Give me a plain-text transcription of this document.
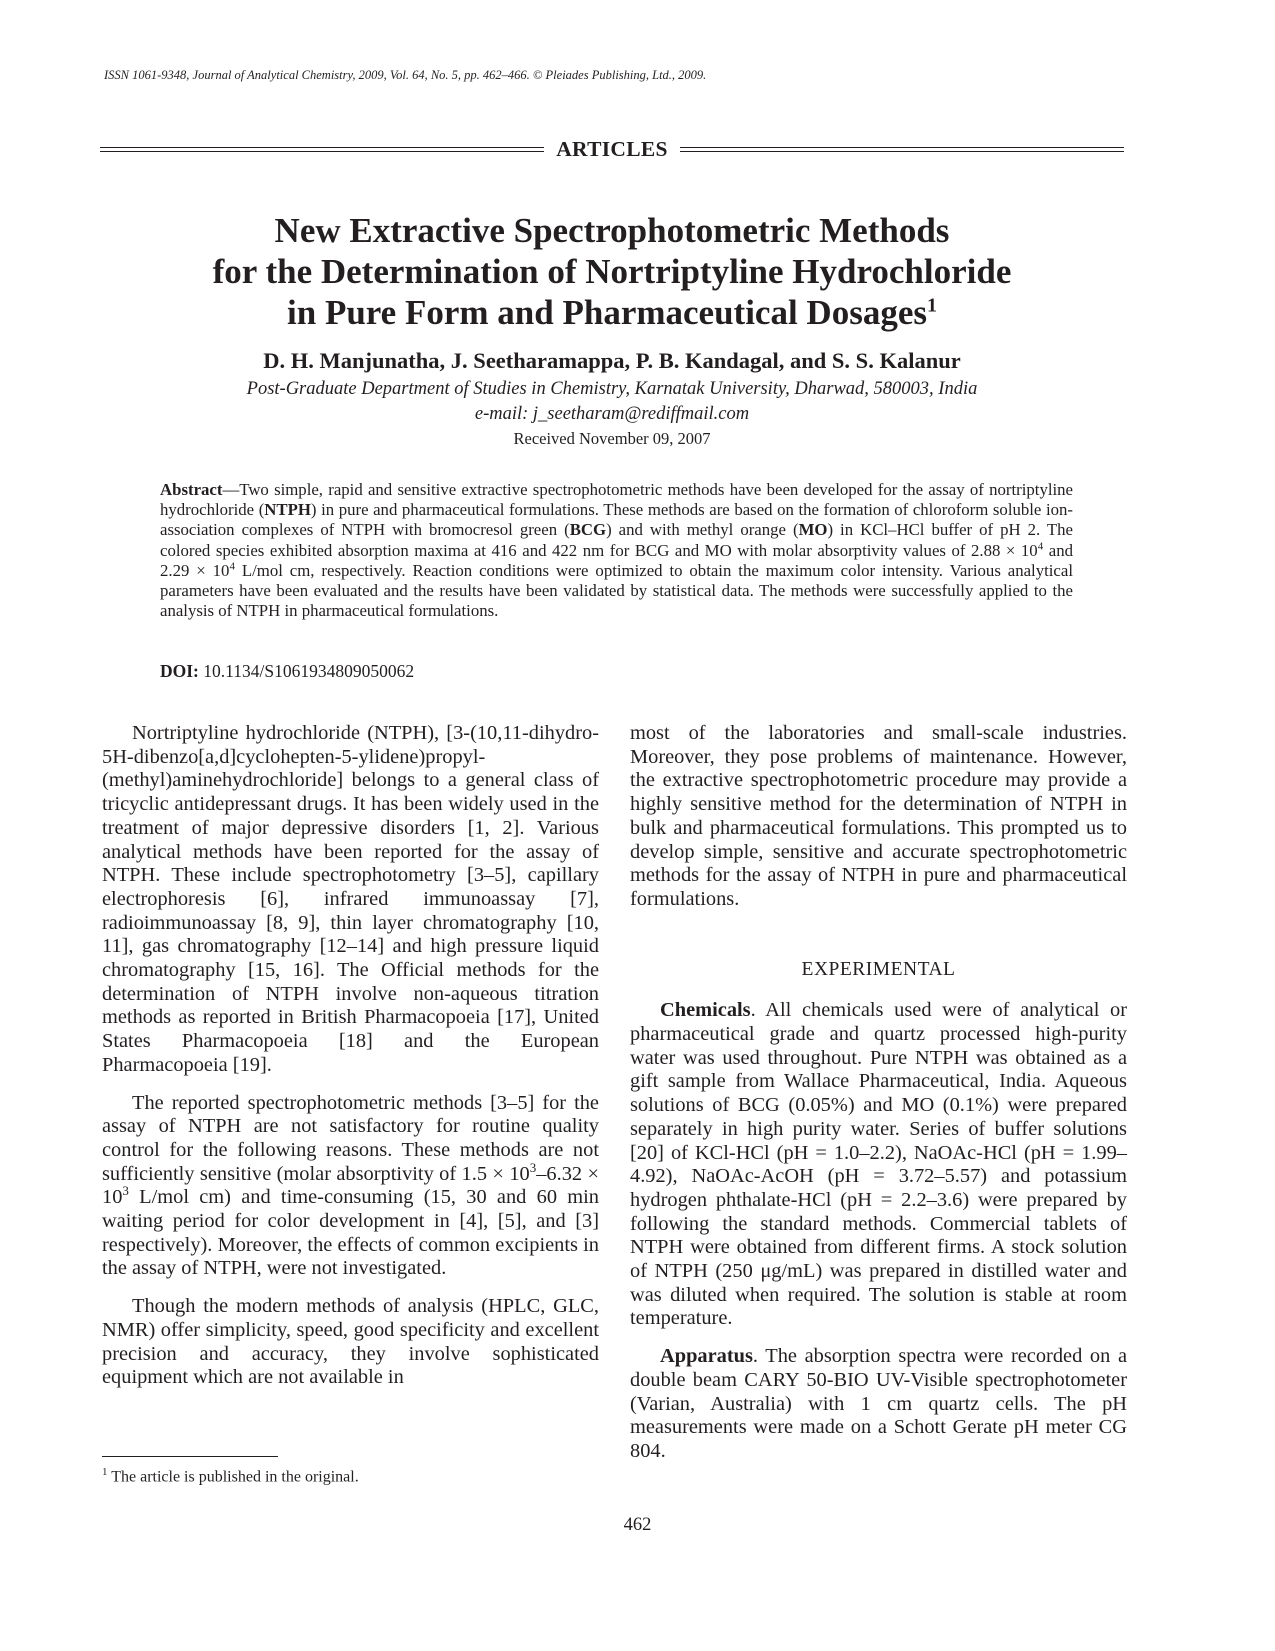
ISSN 1061-9348, Journal of Analytical Chemistry, 2009, Vol. 64, No. 5, pp. 462–466. © Pleiades Publishing, Ltd., 2009.
ARTICLES
New Extractive Spectrophotometric Methods
for the Determination of Nortriptyline Hydrochloride
in Pure Form and Pharmaceutical Dosages$^1$
D. H. Manjunatha, J. Seetharamappa, P. B. Kandagal, and S. S. Kalanur
Post-Graduate Department of Studies in Chemistry, Karnatak University, Dharwad, 580003, India
e-mail: j_seetharam@rediffmail.com
Received November 09, 2007

Abstract—Two simple, rapid and sensitive extractive spectrophotometric methods have been developed for the assay of nortriptyline hydrochloride (NTPH) in pure and pharmaceutical formulations. These methods are based on the formation of chloroform soluble ion-association complexes of NTPH with bromocresol green (BCG) and with methyl orange (MO) in KCl–HCl buffer of pH 2. The colored species exhibited absorption maxima at 416 and 422 nm for BCG and MO with molar absorptivity values of $2.88 \times 10^4$ and $2.29 \times 10^4$ L/mol cm, respectively. Reaction conditions were optimized to obtain the maximum color intensity. Various analytical parameters have been evaluated and the results have been validated by statistical data. The methods were successfully applied to the analysis of NTPH in pharmaceutical formulations.

DOI: 10.1134/S1061934809050062

Nortriptyline hydrochloride (NTPH), [3-(10,11-dihydro-5H-dibenzo[a,d]cyclohepten-5-ylidene)propyl-(methyl)aminehydrochloride] belongs to a general class of tricyclic antidepressant drugs. It has been widely used in the treatment of major depressive disorders [1, 2]. Various analytical methods have been reported for the assay of NTPH. These include spectrophotometry [3–5], capillary electrophoresis [6], infrared immunoassay [7], radioimmunoassay [8, 9], thin layer chromatography [10, 11], gas chromatography [12–14] and high pressure liquid chromatography [15, 16]. The Official methods for the determination of NTPH involve non-aqueous titration methods as reported in British Pharmacopoeia [17], United States Pharmacopoeia [18] and the European Pharmacopoeia [19].

The reported spectrophotometric methods [3–5] for the assay of NTPH are not satisfactory for routine quality control for the following reasons. These methods are not sufficiently sensitive (molar absorptivity of $1.5 \times 10^3-6.32 \times 10^3$ L/mol cm) and time-consuming (15, 30 and 60 min waiting period for color development in [4], [5], and [3] respectively). Moreover, the effects of common excipients in the assay of NTPH, were not investigated.

Though the modern methods of analysis (HPLC, GLC, NMR) offer simplicity, speed, good specificity and excellent precision and accuracy, they involve sophisticated equipment which are not available in

most of the laboratories and small-scale industries. Moreover, they pose problems of maintenance. However, the extractive spectrophotometric procedure may provide a highly sensitive method for the determination of NTPH in bulk and pharmaceutical formulations. This prompted us to develop simple, sensitive and accurate spectrophotometric methods for the assay of NTPH in pure and pharmaceutical formulations.

EXPERIMENTAL

Chemicals. All chemicals used were of analytical or pharmaceutical grade and quartz processed high-purity water was used throughout. Pure NTPH was obtained as a gift sample from Wallace Pharmaceutical, India. Aqueous solutions of BCG (0.05%) and MO (0.1%) were prepared separately in high purity water. Series of buffer solutions [20] of KCl-HCl (pH = 1.0–2.2), NaOAc-HCl (pH = 1.99–4.92), NaOAc-AcOH (pH = 3.72–5.57) and potassium hydrogen phthalate-HCl (pH = 2.2–3.6) were prepared by following the standard methods. Commercial tablets of NTPH were obtained from different firms. A stock solution of NTPH (250 μg/mL) was prepared in distilled water and was diluted when required. The solution is stable at room temperature.

Apparatus. The absorption spectra were recorded on a double beam CARY 50-BIO UV-Visible spectrophotometer (Varian, Australia) with 1 cm quartz cells. The pH measurements were made on a Schott Gerate pH meter CG 804.

$^1$ The article is published in the original.
462
